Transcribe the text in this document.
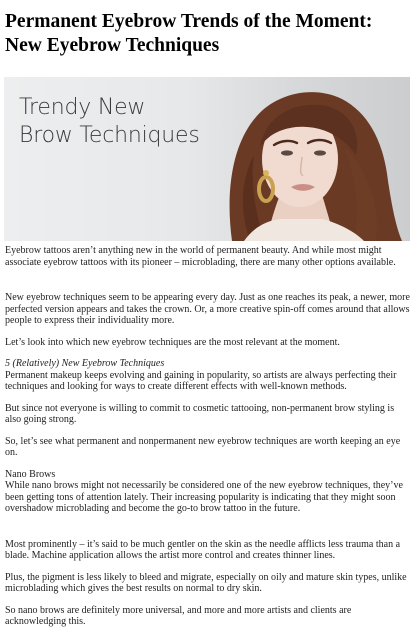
Permanent Eyebrow Trends of the Moment: New Eyebrow Techniques
Trendy New
Brow Techniques

Eyebrow tattoos aren’t anything new in the world of permanent beauty. And while most might associate eyebrow tattoos with its pioneer – microblading, there are many other options available.

New eyebrow techniques seem to be appearing every day. Just as one reaches its peak, a newer, more perfected version appears and takes the crown. Or, a more creative spin-off comes around that allows people to express their individuality more.

Let’s look into which new eyebrow techniques are the most relevant at the moment.

5 (Relatively) New Eyebrow Techniques

Permanent makeup keeps evolving and gaining in popularity, so artists are always perfecting their techniques and looking for ways to create different effects with well-known methods.

But since not everyone is willing to commit to cosmetic tattooing, non-permanent brow styling is also going strong.

So, let’s see what permanent and nonpermanent new eyebrow techniques are worth keeping an eye on.

Nano Brows

While nano brows might not necessarily be considered one of the new eyebrow techniques, they’ve been getting tons of attention lately. Their increasing popularity is indicating that they might soon overshadow microblading and become the go-to brow tattoo in the future.

Most prominently – it’s said to be much gentler on the skin as the needle afflicts less trauma than a blade. Machine application allows the artist more control and creates thinner lines.

Plus, the pigment is less likely to bleed and migrate, especially on oily and mature skin types, unlike microblading which gives the best results on normal to dry skin.

So nano brows are definitely more universal, and more and more artists and clients are acknowledging this.
